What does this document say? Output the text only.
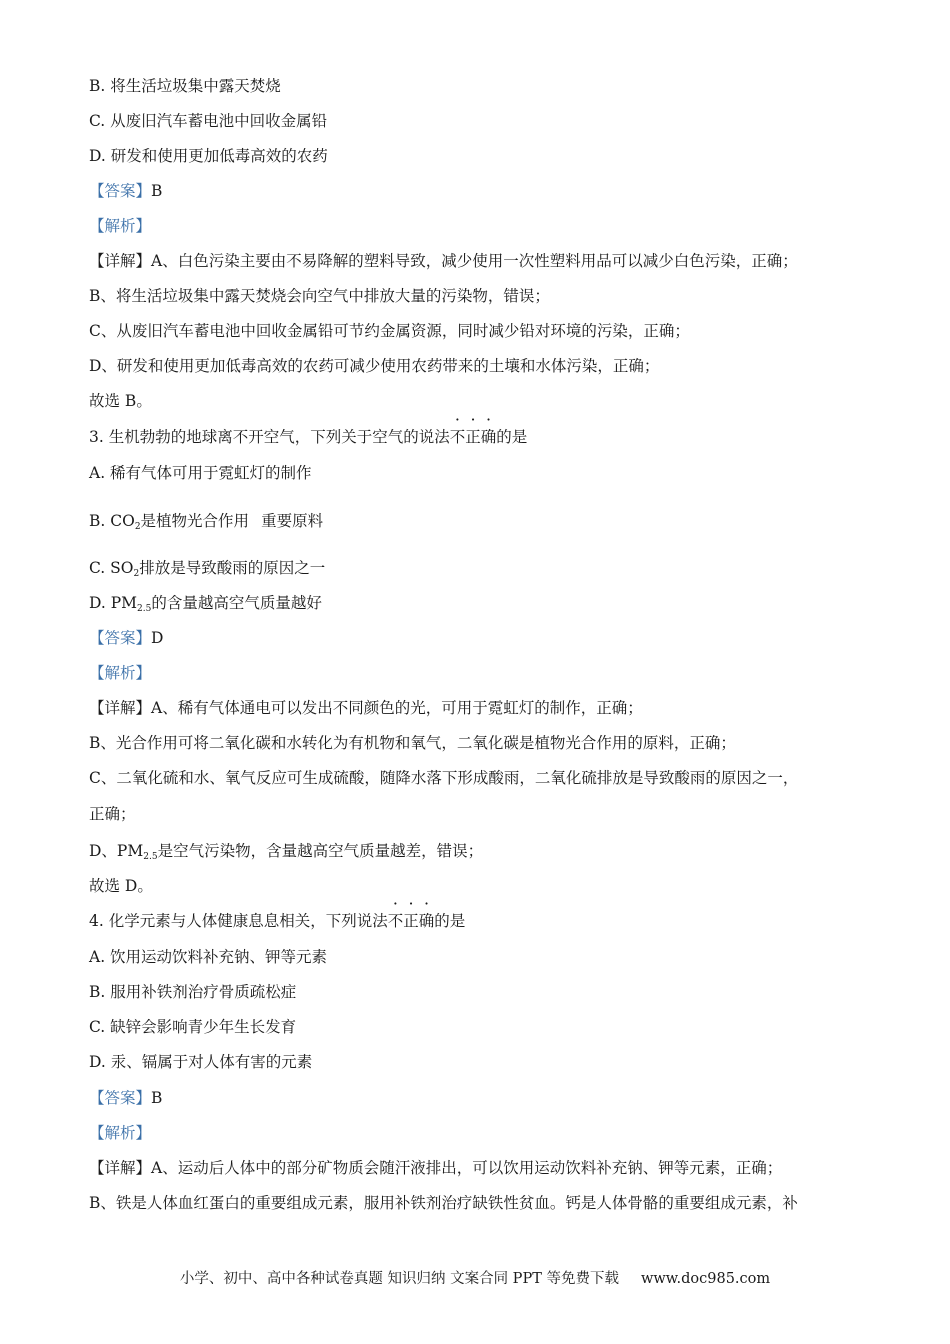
B. 将生活垃圾集中露天焚烧
C. 从废旧汽车蓄电池中回收金属铅
D. 研发和使用更加低毒高效的农药
【答案】B
【解析】
【详解】A、白色污染主要由不易降解的塑料导致，减少使用一次性塑料用品可以减少白色污染，正确；
B、将生活垃圾集中露天焚烧会向空气中排放大量的污染物，错误；
C、从废旧汽车蓄电池中回收金属铅可节约金属资源，同时减少铅对环境的污染，正确；
D、研发和使用更加低毒高效的农药可减少使用农药带来的土壤和水体污染，正确；
故选 B。
3. 生机勃勃的地球离不开空气，下列关于空气的说法不正确的是
A. 稀有气体可用于霓虹灯的制作
B. CO2是植物光合作用 重要原料
C. SO2排放是导致酸雨的原因之一
D. PM2.5的含量越高空气质量越好
【答案】D
【解析】
【详解】A、稀有气体通电可以发出不同颜色的光，可用于霓虹灯的制作，正确；
B、光合作用可将二氧化碳和水转化为有机物和氧气，二氧化碳是植物光合作用的原料，正确；
C、二氧化硫和水、氧气反应可生成硫酸，随降水落下形成酸雨，二氧化硫排放是导致酸雨的原因之一，
正确；
D、PM2.5是空气污染物，含量越高空气质量越差，错误；
故选 D。
4. 化学元素与人体健康息息相关，下列说法不正确的是
A. 饮用运动饮料补充钠、钾等元素
B. 服用补铁剂治疗骨质疏松症
C. 缺锌会影响青少年生长发育
D. 汞、镉属于对人体有害的元素
【答案】B
【解析】
【详解】A、运动后人体中的部分矿物质会随汗液排出，可以饮用运动饮料补充钠、钾等元素，正确；
B、铁是人体血红蛋白的重要组成元素，服用补铁剂治疗缺铁性贫血。钙是人体骨骼的重要组成元素，补
小学、初中、高中各种试卷真题 知识归纳 文案合同 PPT 等免费下载 www.doc985.com
